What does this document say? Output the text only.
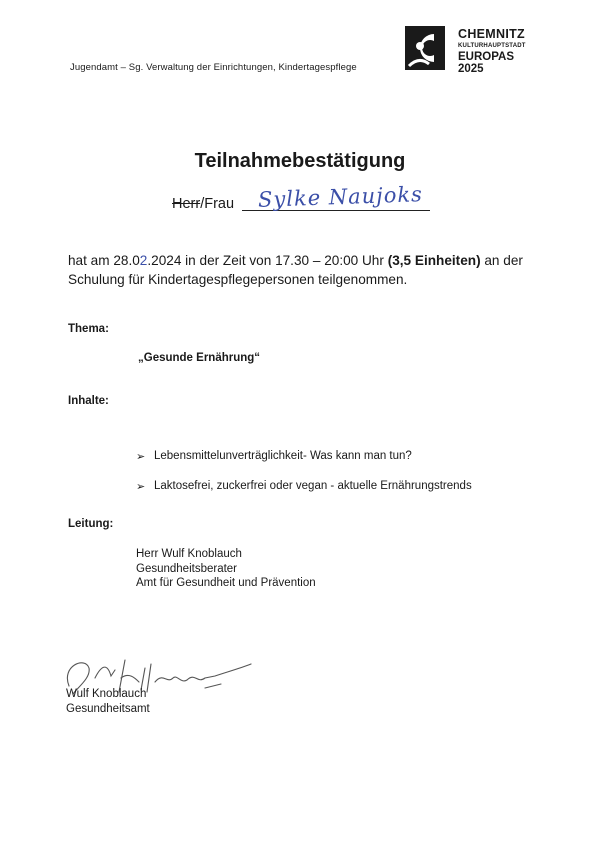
Jugendamt – Sg. Verwaltung der Einrichtungen, Kindertagespflege
CHEMNITZ
KULTURHAUPTSTADT
EUROPAS 2025
Teilnahmebestätigung
Herr/Frau Sylke Naujoks
hat am 28.02.2024 in der Zeit von 17.30 – 20:00 Uhr (3,5 Einheiten) an der Schulung für Kindertagespflegepersonen teilgenommen.
Thema:
„Gesunde Ernährung“
Inhalte:
➢ Lebensmittelunverträglichkeit- Was kann man tun?
➢ Laktosefrei, zuckerfrei oder vegan - aktuelle Ernährungstrends
Leitung:
Herr Wulf Knoblauch
Gesundheitsberater
Amt für Gesundheit und Prävention
Wulf Knoblauch
Gesundheitsamt
